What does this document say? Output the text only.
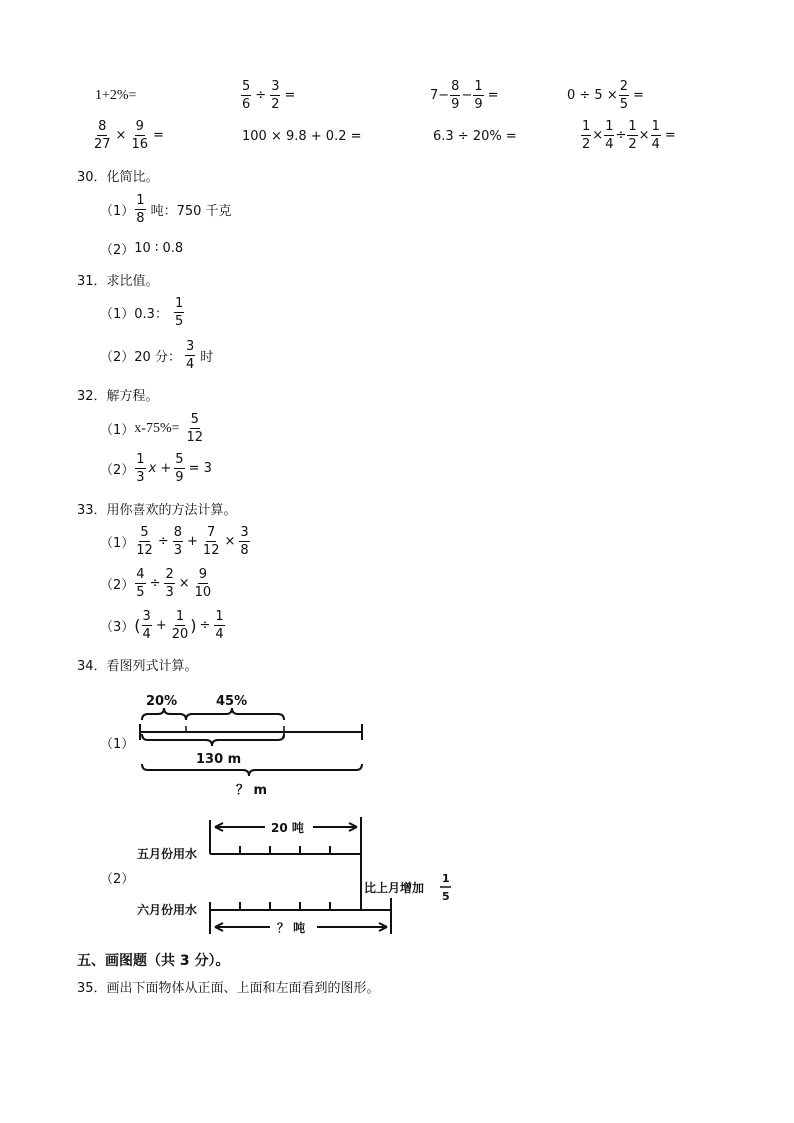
1+2%=	$\frac{5}{6} \div \frac{3}{2}$ =	$7- \frac{8}{9} - \frac{1}{9}$ =	$0 \div 5 \times \frac{2}{5}$ =
$\frac{8}{27} \times \frac{9}{16}$ =	100 × 9.8 + 0.2 =	6.3 ÷ 20% =	$\frac{1}{2} \times \frac{1}{4} \div \frac{1}{2} \times \frac{1}{4}$ =
30．化简比。
$(1) \frac{1}{8}$ 吨：750 千克
（2） 10 ∶ 0.8
31．求比值。
（1） 0.3： $\frac{1}{5}$
（2） 20 分： $\frac{3}{4}$ 时
32．解方程。
（1） $x-75\%= \frac{5}{12}$
$(2) \frac{1}{3}$ $x + \frac{5}{9} = 3$
33．用你喜欢的方法计算。
$(1) \frac{5}{12} \div \frac{8}{3} + \frac{7}{12} \times \frac{3}{8}$
$(2) \frac{4}{5} \div \frac{2}{3} \times \frac{9}{10}$
（3） ( $\frac{3}{4} + \frac{1}{20}$ ) ÷ $\frac{1}{4}$
34．看图列式计算。
（1）
20%	45%
130 m
？ m
（2）
20 吨
五月份用水
六月份用水
？ 吨
比上月增加
1
5
五、画图题（共 3 分）。
35．画出下面物体从正面、上面和左面看到的图形。
